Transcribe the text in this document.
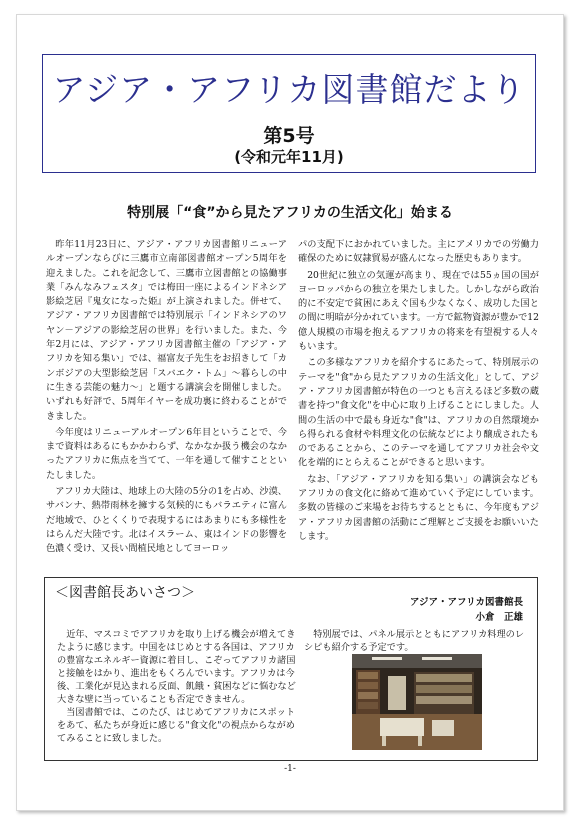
アジア・アフリカ図書館だより
第5号
(令和元年11月)
特別展「“食”から見たアフリカの生活文化」始まる

昨年11月23日に、アジア・アフリカ図書館リニューアルオープンならびに三鷹市立南部図書館オープン5周年を迎えました。これを記念して、三鷹市立図書館との協働事業「みんなみフェスタ」では梅田一座によるインドネシア影絵芝居『鬼女になった姫』が上演されました。併せて、アジア・アフリカ図書館では特別展示「インドネシアのワヤン－アジアの影絵芝居の世界」を行いました。また、今年2月には、アジア・アフリカ図書館主催の「アジア・アフリカを知る集い」では、福富友子先生をお招きして「カンボジアの大型影絵芝居「スバエク・トム」～暮らしの中に生きる芸能の魅力～」と題する講演会を開催しました。いずれも好評で、5周年イヤーを成功裏に終わることができました。

今年度はリニューアルオープン6年目ということで、今まで資料はあるにもかかわらず、なかなか扱う機会のなかったアフリカに焦点を当てて、一年を通して催すことといたしました。

アフリカ大陸は、地球上の大陸の5分の1を占め、沙漠、サバンナ、熱帯雨林を擁する気候的にもバラエティに富んだ地域で、ひとくくりで表現するにはあまりにも多様性をはらんだ大陸です。北はイスラーム、東はインドの影響を色濃く受け、又長い間植民地としてヨーロッ

パの支配下におかれていました。主にアメリカでの労働力確保のために奴隷貿易が盛んになった歴史もあります。

20世紀に独立の気運が高まり、現在では55ヵ国の国がヨーロッパからの独立を果たしました。しかしながら政治的に不安定で貧困にあえぐ国も少なくなく、成功した国との間に明暗が分かれています。一方で鉱物資源が豊かで12億人規模の市場を抱えるアフリカの将来を有望視する人々もいます。

この多様なアフリカを紹介するにあたって、特別展示のテーマを"食"から見たアフリカの生活文化」として、アジア・アフリカ図書館が特色の一つとも言えるほど多数の蔵書を持つ"食文化"を中心に取り上げることにしました。人間の生活の中で最も身近な"食"は、アフリカの自然環境から得られる食材や料理文化の伝統などにより醸成されたものであることから、このテーマを通してアフリカ社会や文化を端的にとらえることができると思います。

なお、「アジア・アフリカを知る集い」の講演会などもアフリカの食文化に絡めて進めていく予定にしています。多数の皆様のご来場をお待ちするとともに、今年度もアジア・アフリカ図書館の活動にご理解とご支援をお願いいたします。

＜図書館長あいさつ＞
アジア・アフリカ図書館長
小倉　正雄

近年、マスコミでアフリカを取り上げる機会が増えてきたように感じます。中国をはじめとする各国は、アフリカの豊富なエネルギー資源に着目し、こぞってアフリカ諸国と接触をはかり、進出をもくろんでいます。アフリカは今後、工業化が見込まれる反面、飢餓・貧困などに悩むなど大きな壁に当っていることも否定できません。

当図書館では、このたび、はじめてアフリカにスポットをあて、私たちが身近に感じる"食文化"の視点からながめてみることに致しました。

特別展では、パネル展示とともにアフリカ料理のレシピも紹介する予定です。

-1-
